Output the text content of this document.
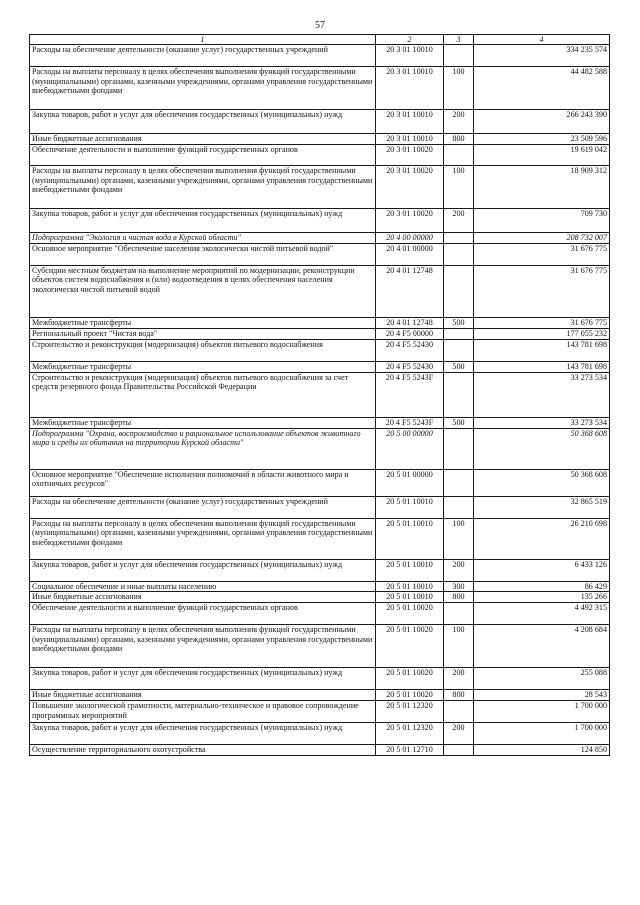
57
1	2	3	4
Расходы на обеспечение деятельности (оказание услуг) государственных учреждений	20 3 01 10010		334 235 574
Расходы на выплаты персоналу в целях обеспечения выполнения функций государственными (муниципальными) органами, казенными учреждениями, органами управления государственными внебюджетными фондами	20 3 01 10010	100	44 482 588
Закупка товаров, работ и услуг для обеспечения государственных (муниципальных) нужд	20 3 01 10010	200	266 243 390
Иные бюджетные ассигнования	20 3 01 10010	800	23 509 596
Обеспечение деятельности и выполнение функций государственных органов	20 3 01 10020		19 619 042
Расходы на выплаты персоналу в целях обеспечения выполнения функций государственными (муниципальными) органами, казенными учреждениями, органами управления государственными внебюджетными фондами	20 3 01 10020	100	18 909 312
Закупка товаров, работ и услуг для обеспечения государственных (муниципальных) нужд	20 3 01 10020	200	709 730
Подпрограмма "Экология и чистая вода в Курской области"	20 4 00 00000		208 732 007
Основное мероприятие "Обеспечение населения экологически чистой питьевой водой"	20 4 01 00000		31 676 775
Субсидии местным бюджетам на выполнение мероприятий по модернизации, реконструкции объектов систем водоснабжения и (или) водоотведения в целях обеспечения населения экологически чистой питьевой водой	20 4 01 12748		31 676 775
Межбюджетные трансферты	20 4 01 12748	500	31 676 775
Региональный проект "Чистая вода"	20 4 F5 00000		177 055 232
Строительство и реконструкция (модернизация) объектов питьевого водоснабжения	20 4 F5 52430		143 781 698
Межбюджетные трансферты	20 4 F5 52430	500	143 781 698
Строительство и реконструкция (модернизация) объектов питьевого водоснабжения за счет средств резервного фонда Правительства Российской Федерации	20 4 F5 5243F		33 273 534
Межбюджетные трансферты	20 4 F5 5243F	500	33 273 534
Подпрограмма "Охрана, воспроизводство и рациональное использование объектов животного мира и среды их обитания на территории Курской области"	20 5 00 00000		50 368 608
Основное мероприятие "Обеспечение исполнения полномочий в области животного мира и охотничьих ресурсов"	20 5 01 00000		50 368 608
Расходы на обеспечение деятельности (оказание услуг) государственных учреждений	20 5 01 10010		32 865 519
Расходы на выплаты персоналу в целях обеспечения выполнения функций государственными (муниципальными) органами, казенными учреждениями, органами управления государственными внебюджетными фондами	20 5 01 10010	100	26 210 698
Закупка товаров, работ и услуг для обеспечения государственных (муниципальных) нужд	20 5 01 10010	200	6 433 126
Социальное обеспечение и иные выплаты населению	20 5 01 10010	300	86 429
Иные бюджетные ассигнования	20 5 01 10010	800	135 266
Обеспечение деятельности и выполнение функций государственных органов	20 5 01 10020		4 492 315
Расходы на выплаты персоналу в целях обеспечения выполнения функций государственными (муниципальными) органами, казенными учреждениями, органами управления государственными внебюджетными фондами	20 5 01 10020	100	4 208 684
Закупка товаров, работ и услуг для обеспечения государственных (муниципальных) нужд	20 5 01 10020	200	255 088
Иные бюджетные ассигнования	20 5 01 10020	800	28 543
Повышение экологической грамотности, материально-техническое и правовое сопровождение программных мероприятий	20 5 01 12320		1 700 000
Закупка товаров, работ и услуг для обеспечения государственных (муниципальных) нужд	20 5 01 12320	200	1 700 000
Осуществление территориального охотустройства	20 5 01 12710		124 850
